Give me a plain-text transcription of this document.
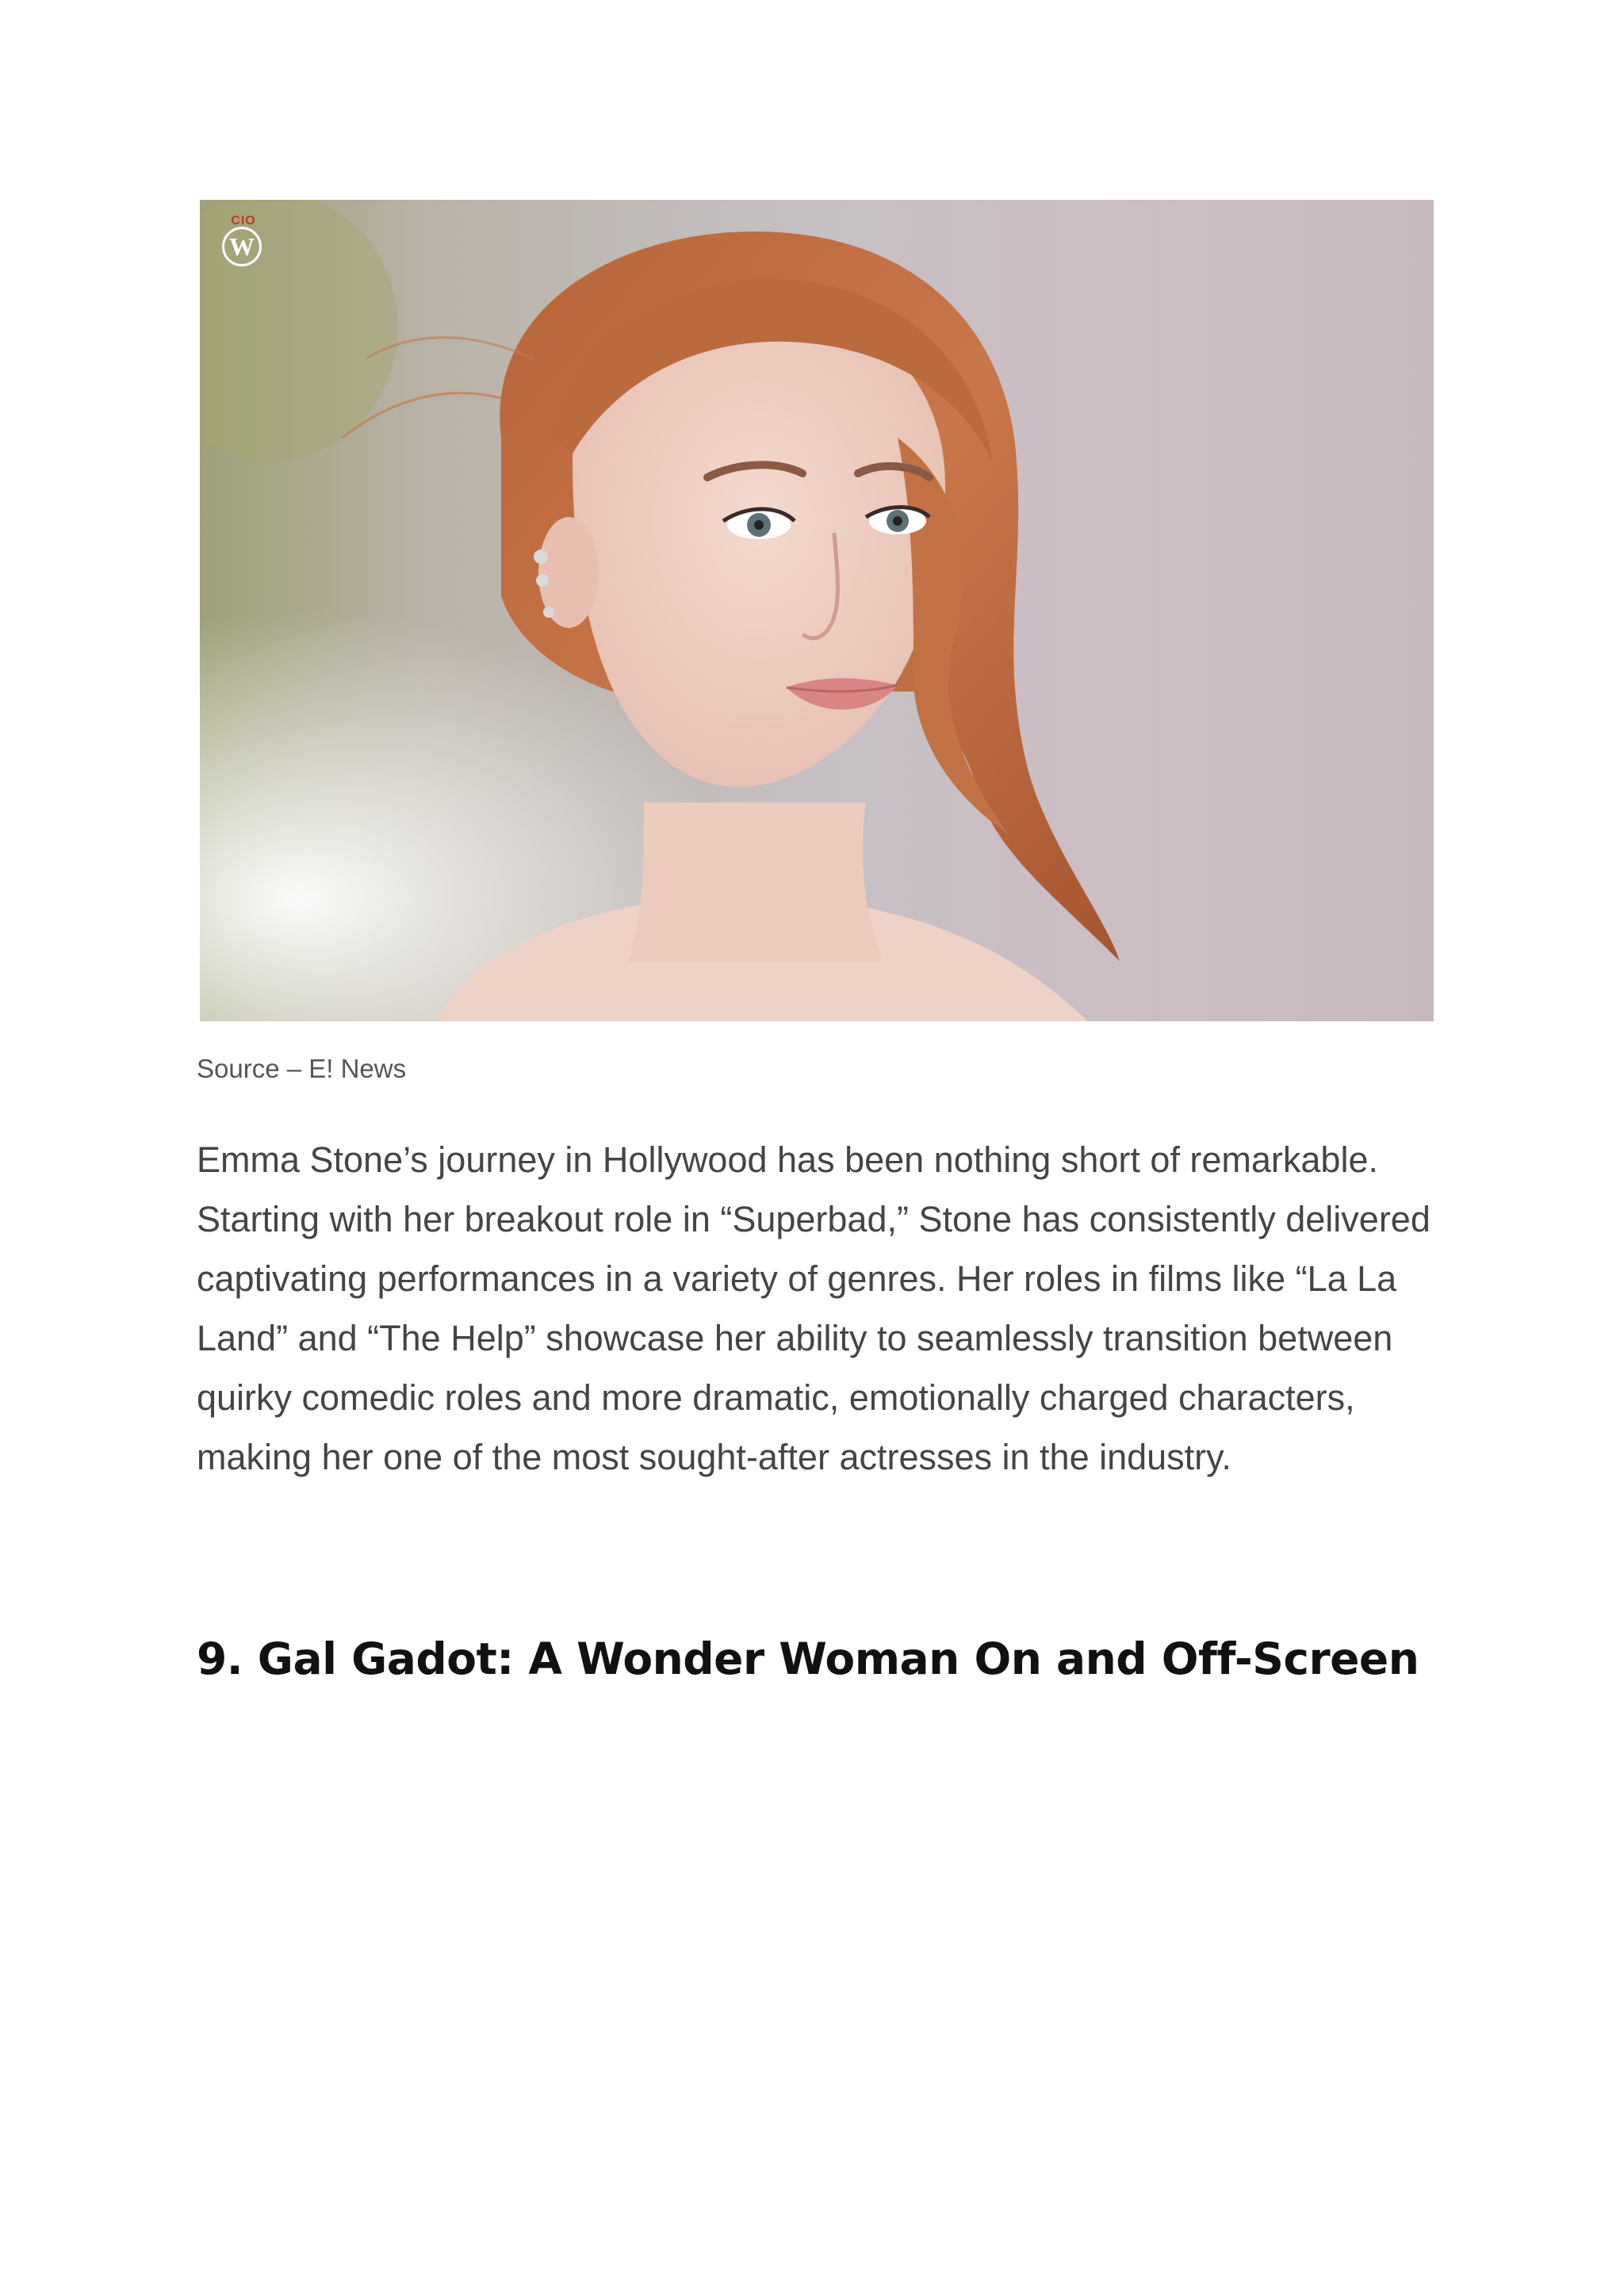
CIO
W

Source – E! News

Emma Stone’s journey in Hollywood has been nothing short of remarkable. Starting with her breakout role in “Superbad,” Stone has consistently delivered captivating performances in a variety of genres. Her roles in films like “La La Land” and “The Help” showcase her ability to seamlessly transition between quirky comedic roles and more dramatic, emotionally charged characters, making her one of the most sought-after actresses in the industry.

9. Gal Gadot: A Wonder Woman On and Off-Screen
